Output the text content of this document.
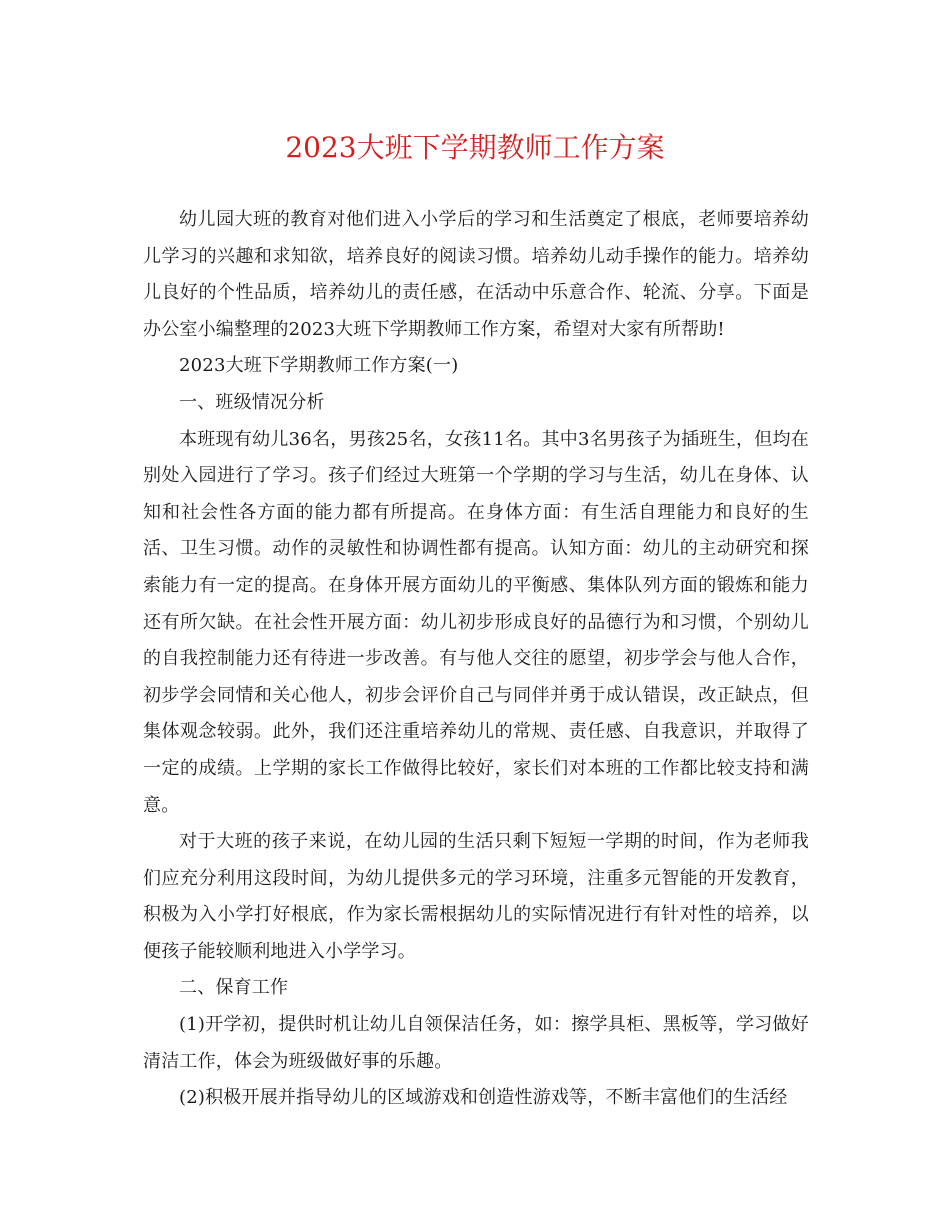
2023大班下学期教师工作方案

幼儿园大班的教育对他们进入小学后的学习和生活奠定了根底，老师要培养幼儿学习的兴趣和求知欲，培养良好的阅读习惯。培养幼儿动手操作的能力。培养幼儿良好的个性品质，培养幼儿的责任感，在活动中乐意合作、轮流、分享。下面是办公室小编整理的2023大班下学期教师工作方案，希望对大家有所帮助!

2023大班下学期教师工作方案(一)

一、班级情况分析

本班现有幼儿36名，男孩25名，女孩11名。其中3名男孩子为插班生，但均在别处入园进行了学习。孩子们经过大班第一个学期的学习与生活，幼儿在身体、认知和社会性各方面的能力都有所提高。在身体方面：有生活自理能力和良好的生活、卫生习惯。动作的灵敏性和协调性都有提高。认知方面：幼儿的主动研究和探索能力有一定的提高。在身体开展方面幼儿的平衡感、集体队列方面的锻炼和能力还有所欠缺。在社会性开展方面：幼儿初步形成良好的品德行为和习惯，个别幼儿的自我控制能力还有待进一步改善。有与他人交往的愿望，初步学会与他人合作，初步学会同情和关心他人，初步会评价自己与同伴并勇于成认错误，改正缺点，但集体观念较弱。此外，我们还注重培养幼儿的常规、责任感、自我意识，并取得了一定的成绩。上学期的家长工作做得比较好，家长们对本班的工作都比较支持和满意。

对于大班的孩子来说，在幼儿园的生活只剩下短短一学期的时间，作为老师我们应充分利用这段时间，为幼儿提供多元的学习环境，注重多元智能的开发教育，积极为入小学打好根底，作为家长需根据幼儿的实际情况进行有针对性的培养，以便孩子能较顺利地进入小学学习。

二、保育工作

(1)开学初，提供时机让幼儿自领保洁任务，如：擦学具柜、黑板等，学习做好清洁工作，体会为班级做好事的乐趣。

(2)积极开展并指导幼儿的区域游戏和创造性游戏等，不断丰富他们的生活经
